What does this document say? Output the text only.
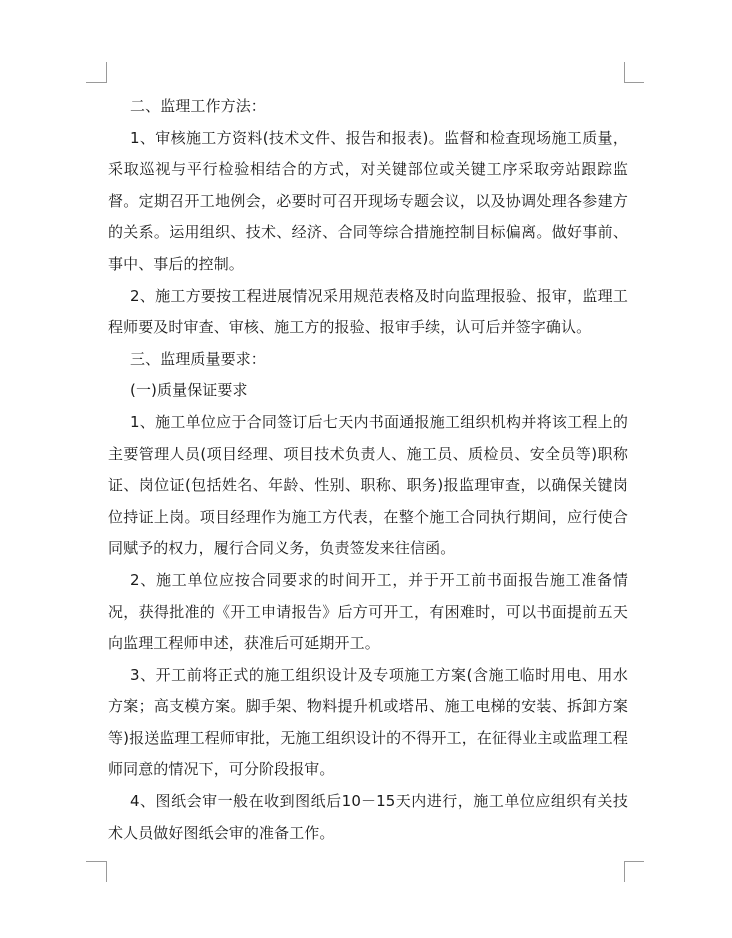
二、监理工作方法：

1、审核施工方资料(技术文件、报告和报表)。监督和检查现场施工质量，采取巡视与平行检验相结合的方式，对关键部位或关键工序采取旁站跟踪监督。定期召开工地例会，必要时可召开现场专题会议，以及协调处理各参建方的关系。运用组织、技术、经济、合同等综合措施控制目标偏离。做好事前、事中、事后的控制。

2、施工方要按工程进展情况采用规范表格及时向监理报验、报审，监理工程师要及时审查、审核、施工方的报验、报审手续，认可后并签字确认。

三、监理质量要求：

(一)质量保证要求

1、施工单位应于合同签订后七天内书面通报施工组织机构并将该工程上的主要管理人员(项目经理、项目技术负责人、施工员、质检员、安全员等)职称证、岗位证(包括姓名、年龄、性别、职称、职务)报监理审查，以确保关键岗位持证上岗。项目经理作为施工方代表，在整个施工合同执行期间，应行使合同赋予的权力，履行合同义务，负责签发来往信函。

2、施工单位应按合同要求的时间开工，并于开工前书面报告施工准备情况，获得批准的《开工申请报告》后方可开工，有困难时，可以书面提前五天向监理工程师申述，获准后可延期开工。

3、开工前将正式的施工组织设计及专项施工方案(含施工临时用电、用水方案；高支模方案。脚手架、物料提升机或塔吊、施工电梯的安装、拆卸方案等)报送监理工程师审批，无施工组织设计的不得开工，在征得业主或监理工程师同意的情况下，可分阶段报审。

4、图纸会审一般在收到图纸后10－15天内进行，施工单位应组织有关技术人员做好图纸会审的准备工作。
